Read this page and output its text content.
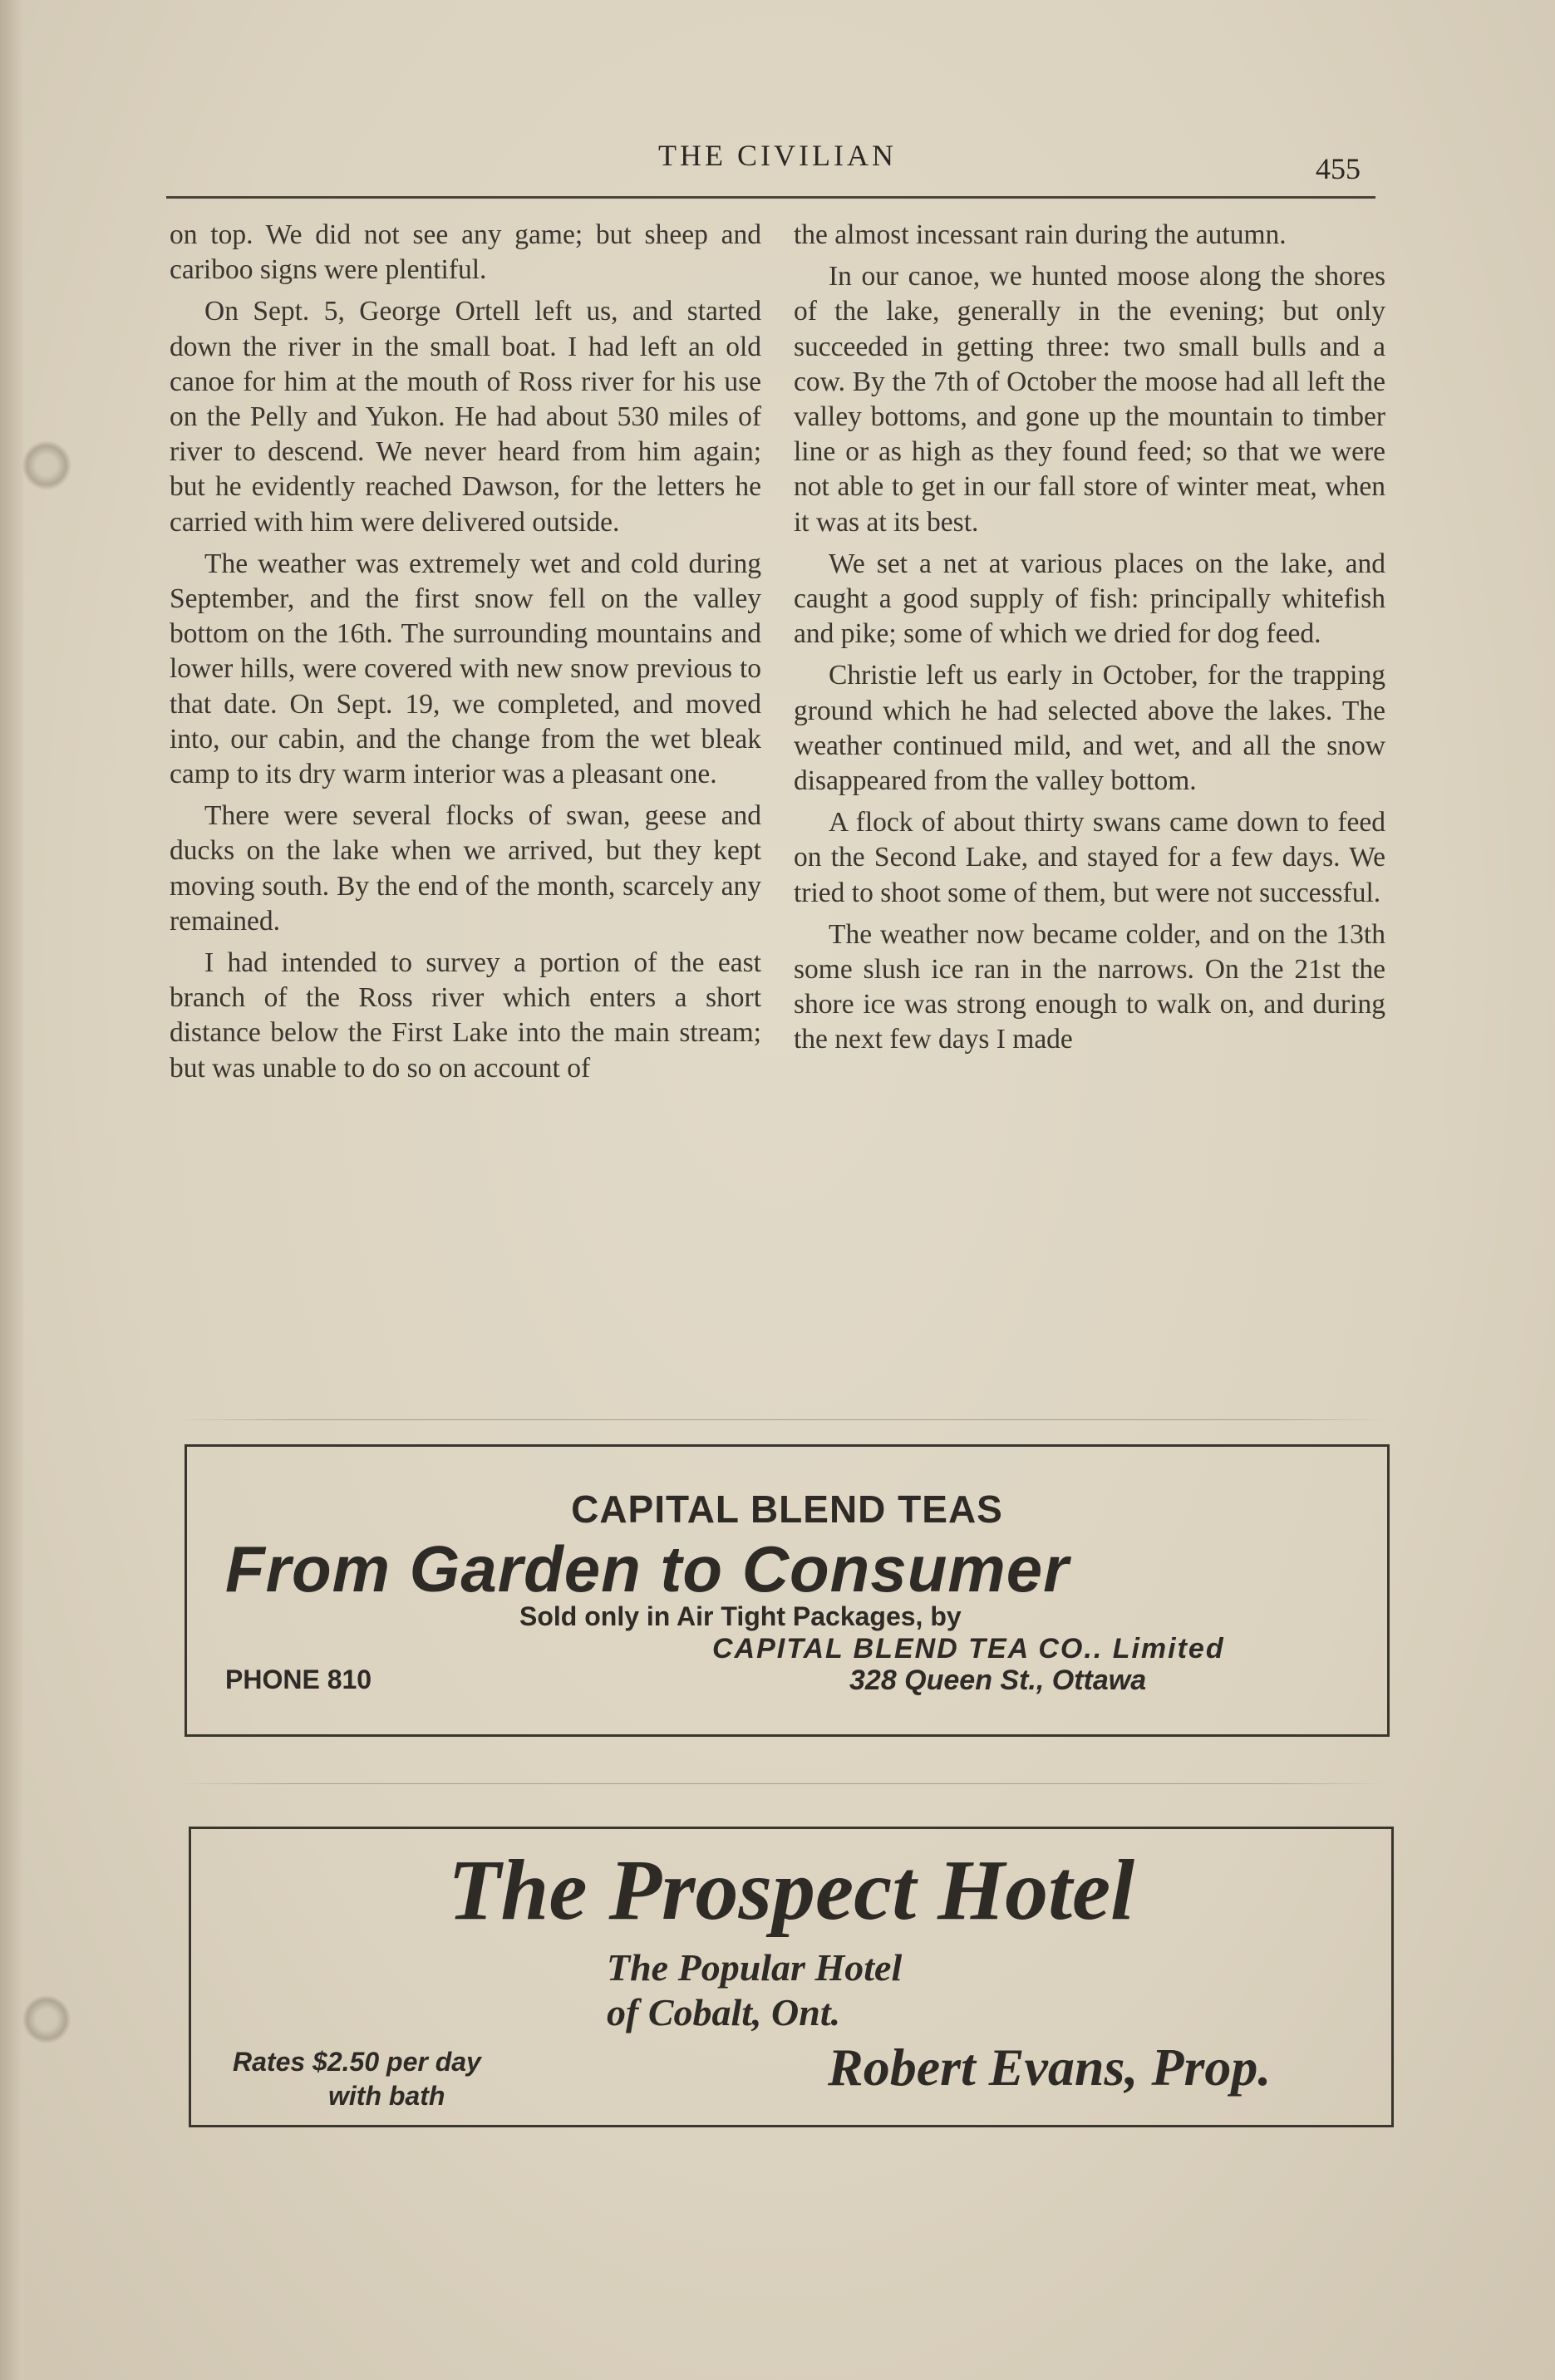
THE CIVILIAN	455

on top. We did not see any game; but sheep and cariboo signs were plentiful.

On Sept. 5, George Ortell left us, and started down the river in the small boat. I had left an old canoe for him at the mouth of Ross river for his use on the Pelly and Yukon. He had about 530 miles of river to descend. We never heard from him again; but he evidently reached Dawson, for the letters he carried with him were delivered outside.

The weather was extremely wet and cold during September, and the first snow fell on the valley bottom on the 16th. The surrounding mountains and lower hills, were covered with new snow previous to that date. On Sept. 19, we completed, and moved into, our cabin, and the change from the wet bleak camp to its dry warm interior was a pleasant one.

There were several flocks of swan, geese and ducks on the lake when we arrived, but they kept moving south. By the end of the month, scarcely any remained.

I had intended to survey a portion of the east branch of the Ross river which enters a short distance below the First Lake into the main stream; but was unable to do so on account of

the almost incessant rain during the autumn.

In our canoe, we hunted moose along the shores of the lake, generally in the evening; but only succeeded in getting three: two small bulls and a cow. By the 7th of October the moose had all left the valley bottoms, and gone up the mountain to timber line or as high as they found feed; so that we were not able to get in our fall store of winter meat, when it was at its best.

We set a net at various places on the lake, and caught a good supply of fish: principally whitefish and pike; some of which we dried for dog feed.

Christie left us early in October, for the trapping ground which he had selected above the lakes. The weather continued mild, and wet, and all the snow disappeared from the valley bottom.

A flock of about thirty swans came down to feed on the Second Lake, and stayed for a few days. We tried to shoot some of them, but were not successful.

The weather now became colder, and on the 13th some slush ice ran in the narrows. On the 21st the shore ice was strong enough to walk on, and during the next few days I made

CAPITAL BLEND TEAS
From Garden to Consumer
Sold only in Air Tight Packages, by
CAPITAL BLEND TEA CO.. Limited
PHONE 810	328 Queen St., Ottawa
The Prospect Hotel
The Popular Hotel
of Cobalt, Ont.
Rates $2.50 per day
with bath	Robert Evans, Prop.
